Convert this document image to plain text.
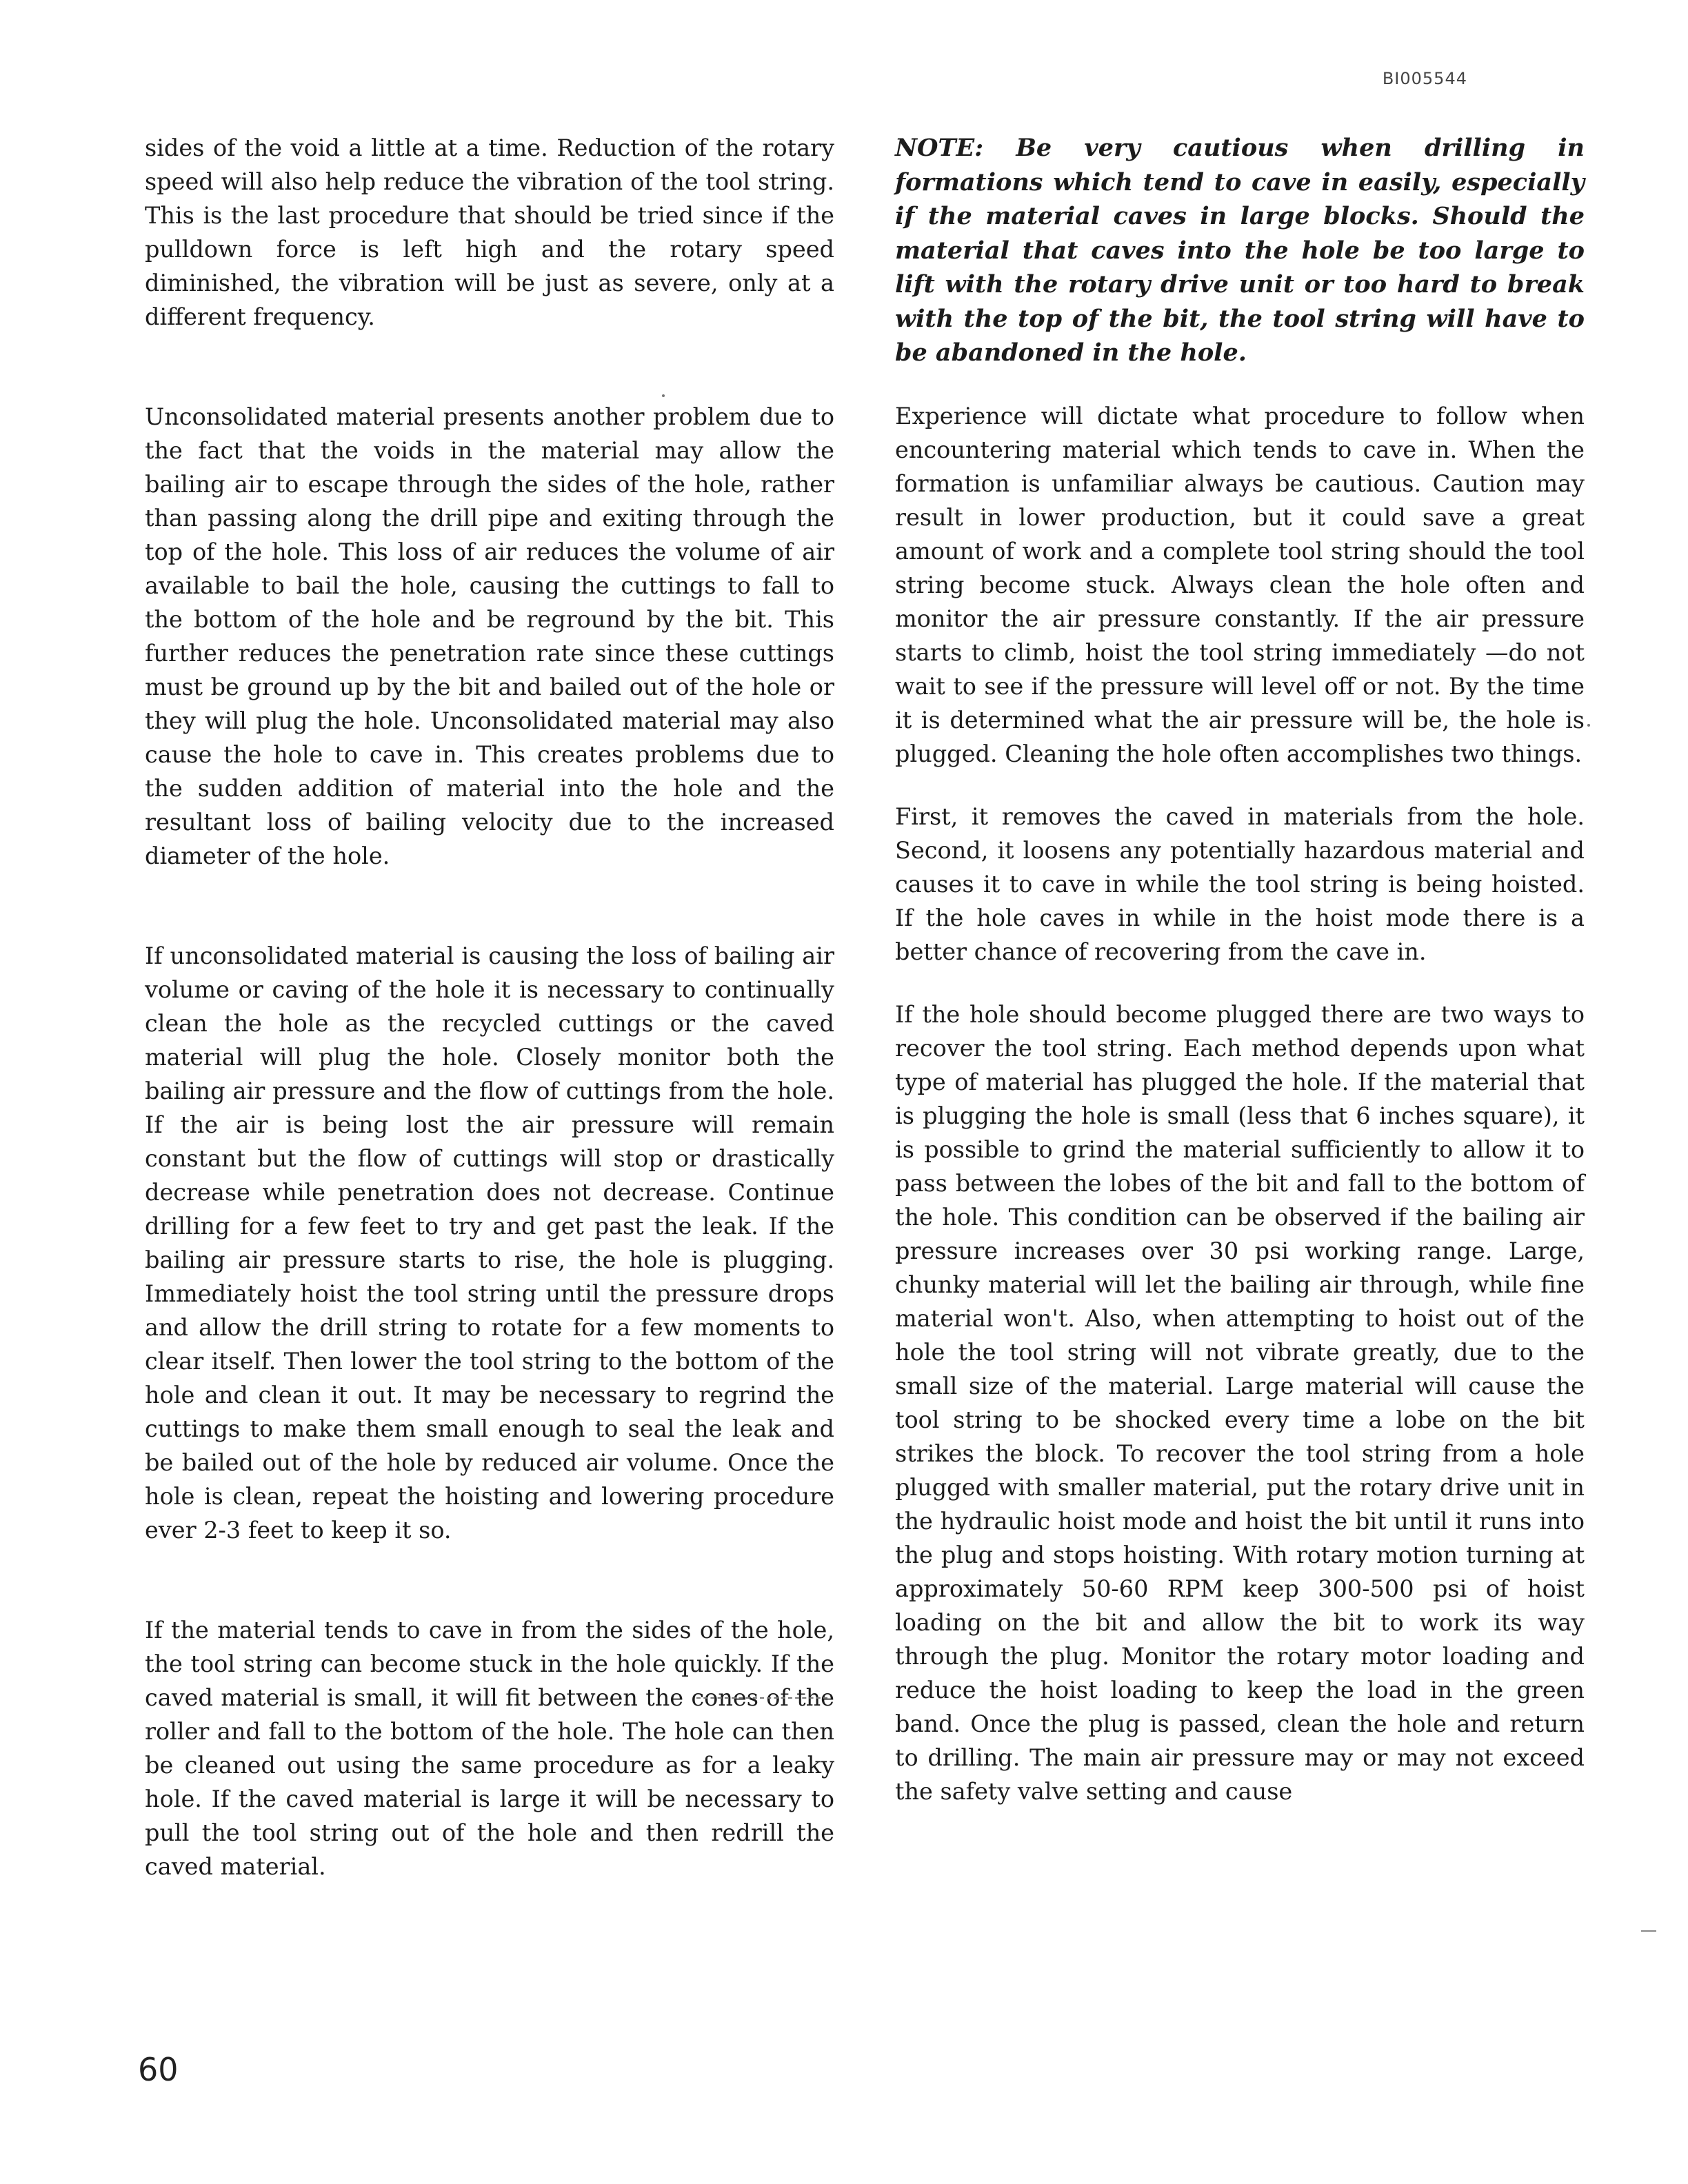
BI005544

sides of the void a little at a time. Reduction of the rotary speed will also help reduce the vibration of the tool string. This is the last procedure that should be tried since if the pulldown force is left high and the rotary speed diminished, the vibration will be just as severe, only at a different frequency.

Unconsolidated material presents another problem due to the fact that the voids in the material may allow the bailing air to escape through the sides of the hole, rather than passing along the drill pipe and exiting through the top of the hole. This loss of air reduces the volume of air available to bail the hole, causing the cuttings to fall to the bottom of the hole and be reground by the bit. This further reduces the penetration rate since these cuttings must be ground up by the bit and bailed out of the hole or they will plug the hole. Unconsolidated material may also cause the hole to cave in. This creates problems due to the sudden addition of material into the hole and the resultant loss of bailing velocity due to the increased diameter of the hole.

If unconsolidated material is causing the loss of bailing air volume or caving of the hole it is necessary to continually clean the hole as the recycled cuttings or the caved material will plug the hole. Closely monitor both the bailing air pressure and the flow of cuttings from the hole. If the air is being lost the air pressure will remain constant but the flow of cuttings will stop or drastically decrease while penetration does not decrease. Continue drilling for a few feet to try and get past the leak. If the bailing air pressure starts to rise, the hole is plugging. Immediately hoist the tool string until the pressure drops and allow the drill string to rotate for a few moments to clear itself. Then lower the tool string to the bottom of the hole and clean it out. It may be necessary to regrind the cuttings to make them small enough to seal the leak and be bailed out of the hole by reduced air volume. Once the hole is clean, repeat the hoisting and lowering procedure ever 2-3 feet to keep it so.

If the material tends to cave in from the sides of the hole, the tool string can become stuck in the hole quickly. If the caved material is small, it will fit between the cones of the roller and fall to the bottom of the hole. The hole can then be cleaned out using the same procedure as for a leaky hole. If the caved material is large it will be necessary to pull the tool string out of the hole and then redrill the caved material.

NOTE: Be very cautious when drilling in formations which tend to cave in easily, especially if the material caves in large blocks. Should the material that caves into the hole be too large to lift with the rotary drive unit or too hard to break with the top of the bit, the tool string will have to be abandoned in the hole.

Experience will dictate what procedure to follow when encountering material which tends to cave in. When the formation is unfamiliar always be cautious. Caution may result in lower production, but it could save a great amount of work and a complete tool string should the tool string become stuck. Always clean the hole often and monitor the air pressure constantly. If the air pressure starts to climb, hoist the tool string immediately —do not wait to see if the pressure will level off or not. By the time it is determined what the air pressure will be, the hole is plugged. Cleaning the hole often accomplishes two things.

First, it removes the caved in materials from the hole. Second, it loosens any potentially hazardous material and causes it to cave in while the tool string is being hoisted. If the hole caves in while in the hoist mode there is a better chance of recovering from the cave in.

If the hole should become plugged there are two ways to recover the tool string. Each method depends upon what type of material has plugged the hole. If the material that is plugging the hole is small (less that 6 inches square), it is possible to grind the material sufficiently to allow it to pass between the lobes of the bit and fall to the bottom of the hole. This condition can be observed if the bailing air pressure increases over 30 psi working range. Large, chunky material will let the bailing air through, while fine material won't. Also, when attempting to hoist out of the hole the tool string will not vibrate greatly, due to the small size of the material. Large material will cause the tool string to be shocked every time a lobe on the bit strikes the block. To recover the tool string from a hole plugged with smaller material, put the rotary drive unit in the hydraulic hoist mode and hoist the bit until it runs into the plug and stops hoisting. With rotary motion turning at approximately 50-60 RPM keep 300-500 psi of hoist loading on the bit and allow the bit to work its way through the plug. Monitor the rotary motor loading and reduce the hoist loading to keep the load in the green band. Once the plug is passed, clean the hole and return to drilling. The main air pressure may or may not exceed the safety valve setting and cause

60
